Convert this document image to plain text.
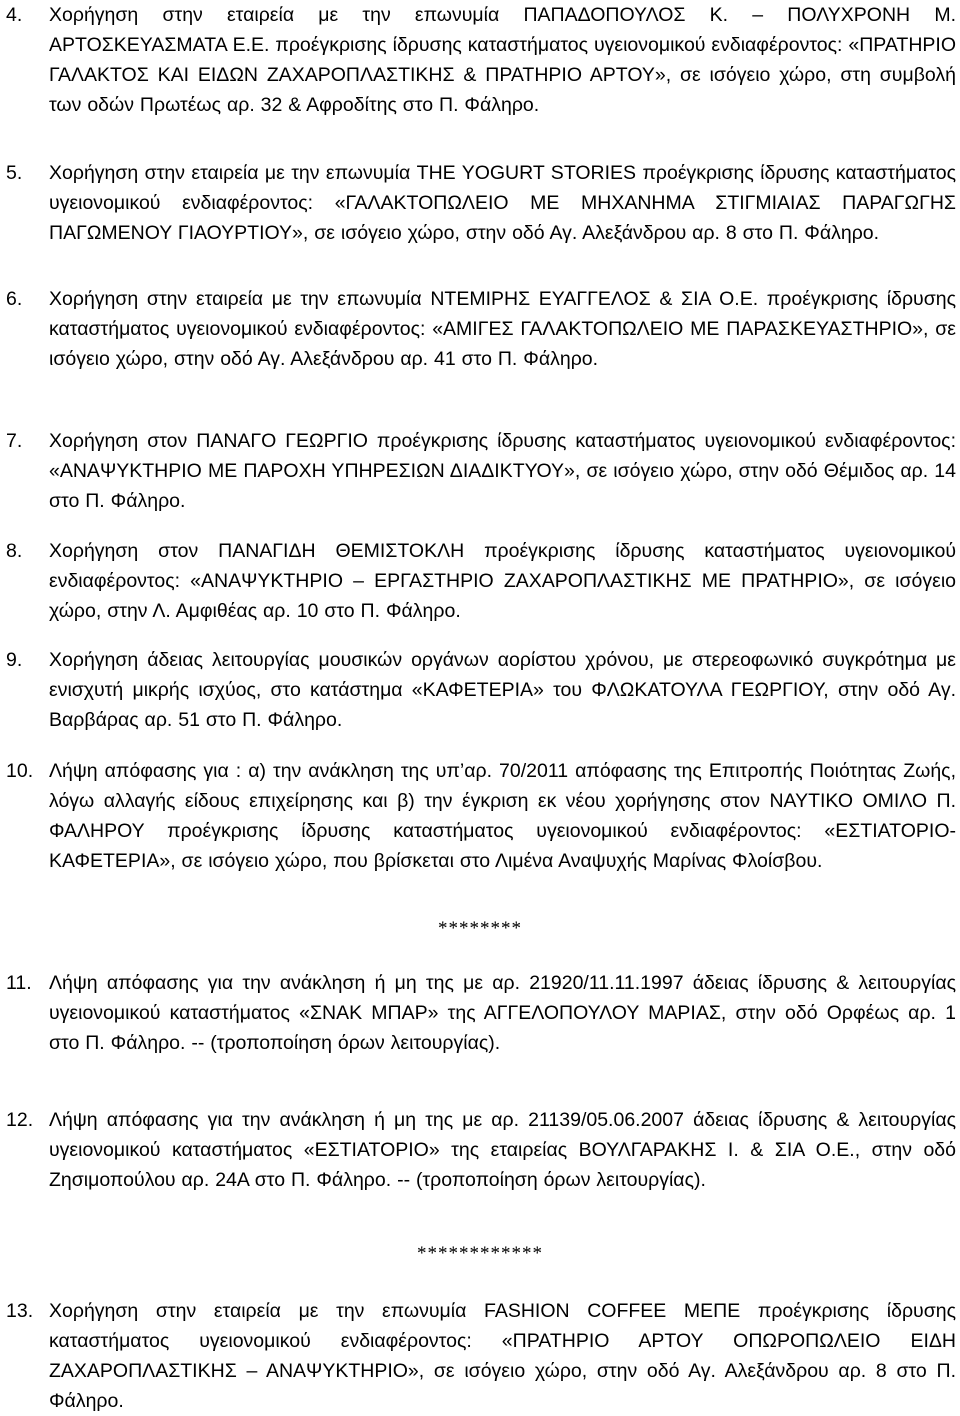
4.	Χορήγηση στην εταιρεία με την επωνυμία ΠΑΠΑΔΟΠΟΥΛΟΣ Κ. – ΠΟΛΥΧΡΟΝΗ Μ. ΑΡΤΟΣΚΕΥΑΣΜΑΤΑ Ε.Ε. προέγκρισης ίδρυσης καταστήματος υγειονομικού ενδιαφέροντος: «ΠΡΑΤΗΡΙΟ ΓΑΛΑΚΤΟΣ ΚΑΙ ΕΙΔΩΝ ΖΑΧΑΡΟΠΛΑΣΤΙΚΗΣ & ΠΡΑΤΗΡΙΟ ΑΡΤΟΥ», σε ισόγειο χώρο, στη συμβολή των οδών Πρωτέως αρ. 32 & Αφροδίτης στο Π. Φάληρο.
5.	Χορήγηση στην εταιρεία με την επωνυμία THE YOGURT STORIES προέγκρισης ίδρυσης καταστήματος υγειονομικού ενδιαφέροντος: «ΓΑΛΑΚΤΟΠΩΛΕΙΟ ΜΕ ΜΗΧΑΝΗΜΑ ΣΤΙΓΜΙΑΙΑΣ ΠΑΡΑΓΩΓΗΣ ΠΑΓΩΜΕΝΟΥ ΓΙΑΟΥΡΤΙΟΥ», σε ισόγειο χώρο, στην οδό Αγ. Αλεξάνδρου αρ. 8 στο Π. Φάληρο.
6.	Χορήγηση στην εταιρεία με την επωνυμία ΝΤΕΜΙΡΗΣ ΕΥΑΓΓΕΛΟΣ & ΣΙΑ Ο.Ε. προέγκρισης ίδρυσης καταστήματος υγειονομικού ενδιαφέροντος: «ΑΜΙΓΕΣ ΓΑΛΑΚΤΟΠΩΛΕΙΟ ΜΕ ΠΑΡΑΣΚΕΥΑΣΤΗΡΙΟ», σε ισόγειο χώρο, στην οδό Αγ. Αλεξάνδρου αρ. 41 στο Π. Φάληρο.
7.	Χορήγηση στον ΠΑΝΑΓΟ ΓΕΩΡΓΙΟ προέγκρισης ίδρυσης καταστήματος υγειονομικού ενδιαφέροντος: «ΑΝΑΨΥΚΤΗΡΙΟ ΜΕ ΠΑΡΟΧΗ ΥΠΗΡΕΣΙΩΝ ΔΙΑΔΙΚΤΥΟΥ», σε ισόγειο χώρο, στην οδό Θέμιδος αρ. 14 στο Π. Φάληρο.
8.	Χορήγηση στον ΠΑΝΑΓΙΔΗ ΘΕΜΙΣΤΟΚΛΗ προέγκρισης ίδρυσης καταστήματος υγειονομικού ενδιαφέροντος: «ΑΝΑΨΥΚΤΗΡΙΟ – ΕΡΓΑΣΤΗΡΙΟ ΖΑΧΑΡΟΠΛΑΣΤΙΚΗΣ ΜΕ ΠΡΑΤΗΡΙΟ», σε ισόγειο χώρο, στην Λ. Αμφιθέας αρ. 10 στο Π. Φάληρο.
9.	Χορήγηση άδειας λειτουργίας μουσικών οργάνων αορίστου χρόνου, με στερεοφωνικό συγκρότημα με ενισχυτή μικρής ισχύος, στο κατάστημα «ΚΑΦΕΤΕΡΙΑ» του ΦΛΩΚΑΤΟΥΛΑ ΓΕΩΡΓΙΟΥ, στην οδό Αγ. Βαρβάρας αρ. 51 στο Π. Φάληρο.
10. Λήψη απόφασης για : α) την ανάκληση της υπ’αρ. 70/2011 απόφασης της Επιτροπής Ποιότητας Ζωής, λόγω αλλαγής είδους επιχείρησης και β) την έγκριση εκ νέου χορήγησης στον ΝΑΥΤΙΚΟ ΟΜΙΛΟ Π. ΦΑΛΗΡΟΥ προέγκρισης ίδρυσης καταστήματος υγειονομικού ενδιαφέροντος: «ΕΣΤΙΑΤΟΡΙΟ-ΚΑΦΕΤΕΡΙΑ», σε ισόγειο χώρο, που βρίσκεται στο Λιμένα Αναψυχής Μαρίνας Φλοίσβου.
********
11. Λήψη απόφασης για την ανάκληση ή μη της με αρ. 21920/11.11.1997 άδειας ίδρυσης & λειτουργίας υγειονομικού καταστήματος «ΣΝΑΚ ΜΠΑΡ» της ΑΓΓΕΛΟΠΟΥΛΟΥ ΜΑΡΙΑΣ, στην οδό Ορφέως αρ. 1 στο Π. Φάληρο. -- (τροποποίηση όρων λειτουργίας).
12. Λήψη απόφασης για την ανάκληση ή μη της με αρ. 21139/05.06.2007 άδειας ίδρυσης & λειτουργίας υγειονομικού καταστήματος «ΕΣΤΙΑΤΟΡΙΟ» της εταιρείας ΒΟΥΛΓΑΡΑΚΗΣ Ι. & ΣΙΑ Ο.Ε., στην οδό Ζησιμοπούλου αρ. 24Α στο Π. Φάληρο. -- (τροποποίηση όρων λειτουργίας).
************
13. Χορήγηση στην εταιρεία με την επωνυμία FASHION COFFEE ΜΕΠΕ προέγκρισης ίδρυσης καταστήματος υγειονομικού ενδιαφέροντος: «ΠΡΑΤΗΡΙΟ ΑΡΤΟΥ ΟΠΩΡΟΠΩΛΕΙΟ ΕΙΔΗ ΖΑΧΑΡΟΠΛΑΣΤΙΚΗΣ – ΑΝΑΨΥΚΤΗΡΙΟ», σε ισόγειο χώρο, στην οδό Αγ. Αλεξάνδρου αρ. 8 στο Π. Φάληρο.
